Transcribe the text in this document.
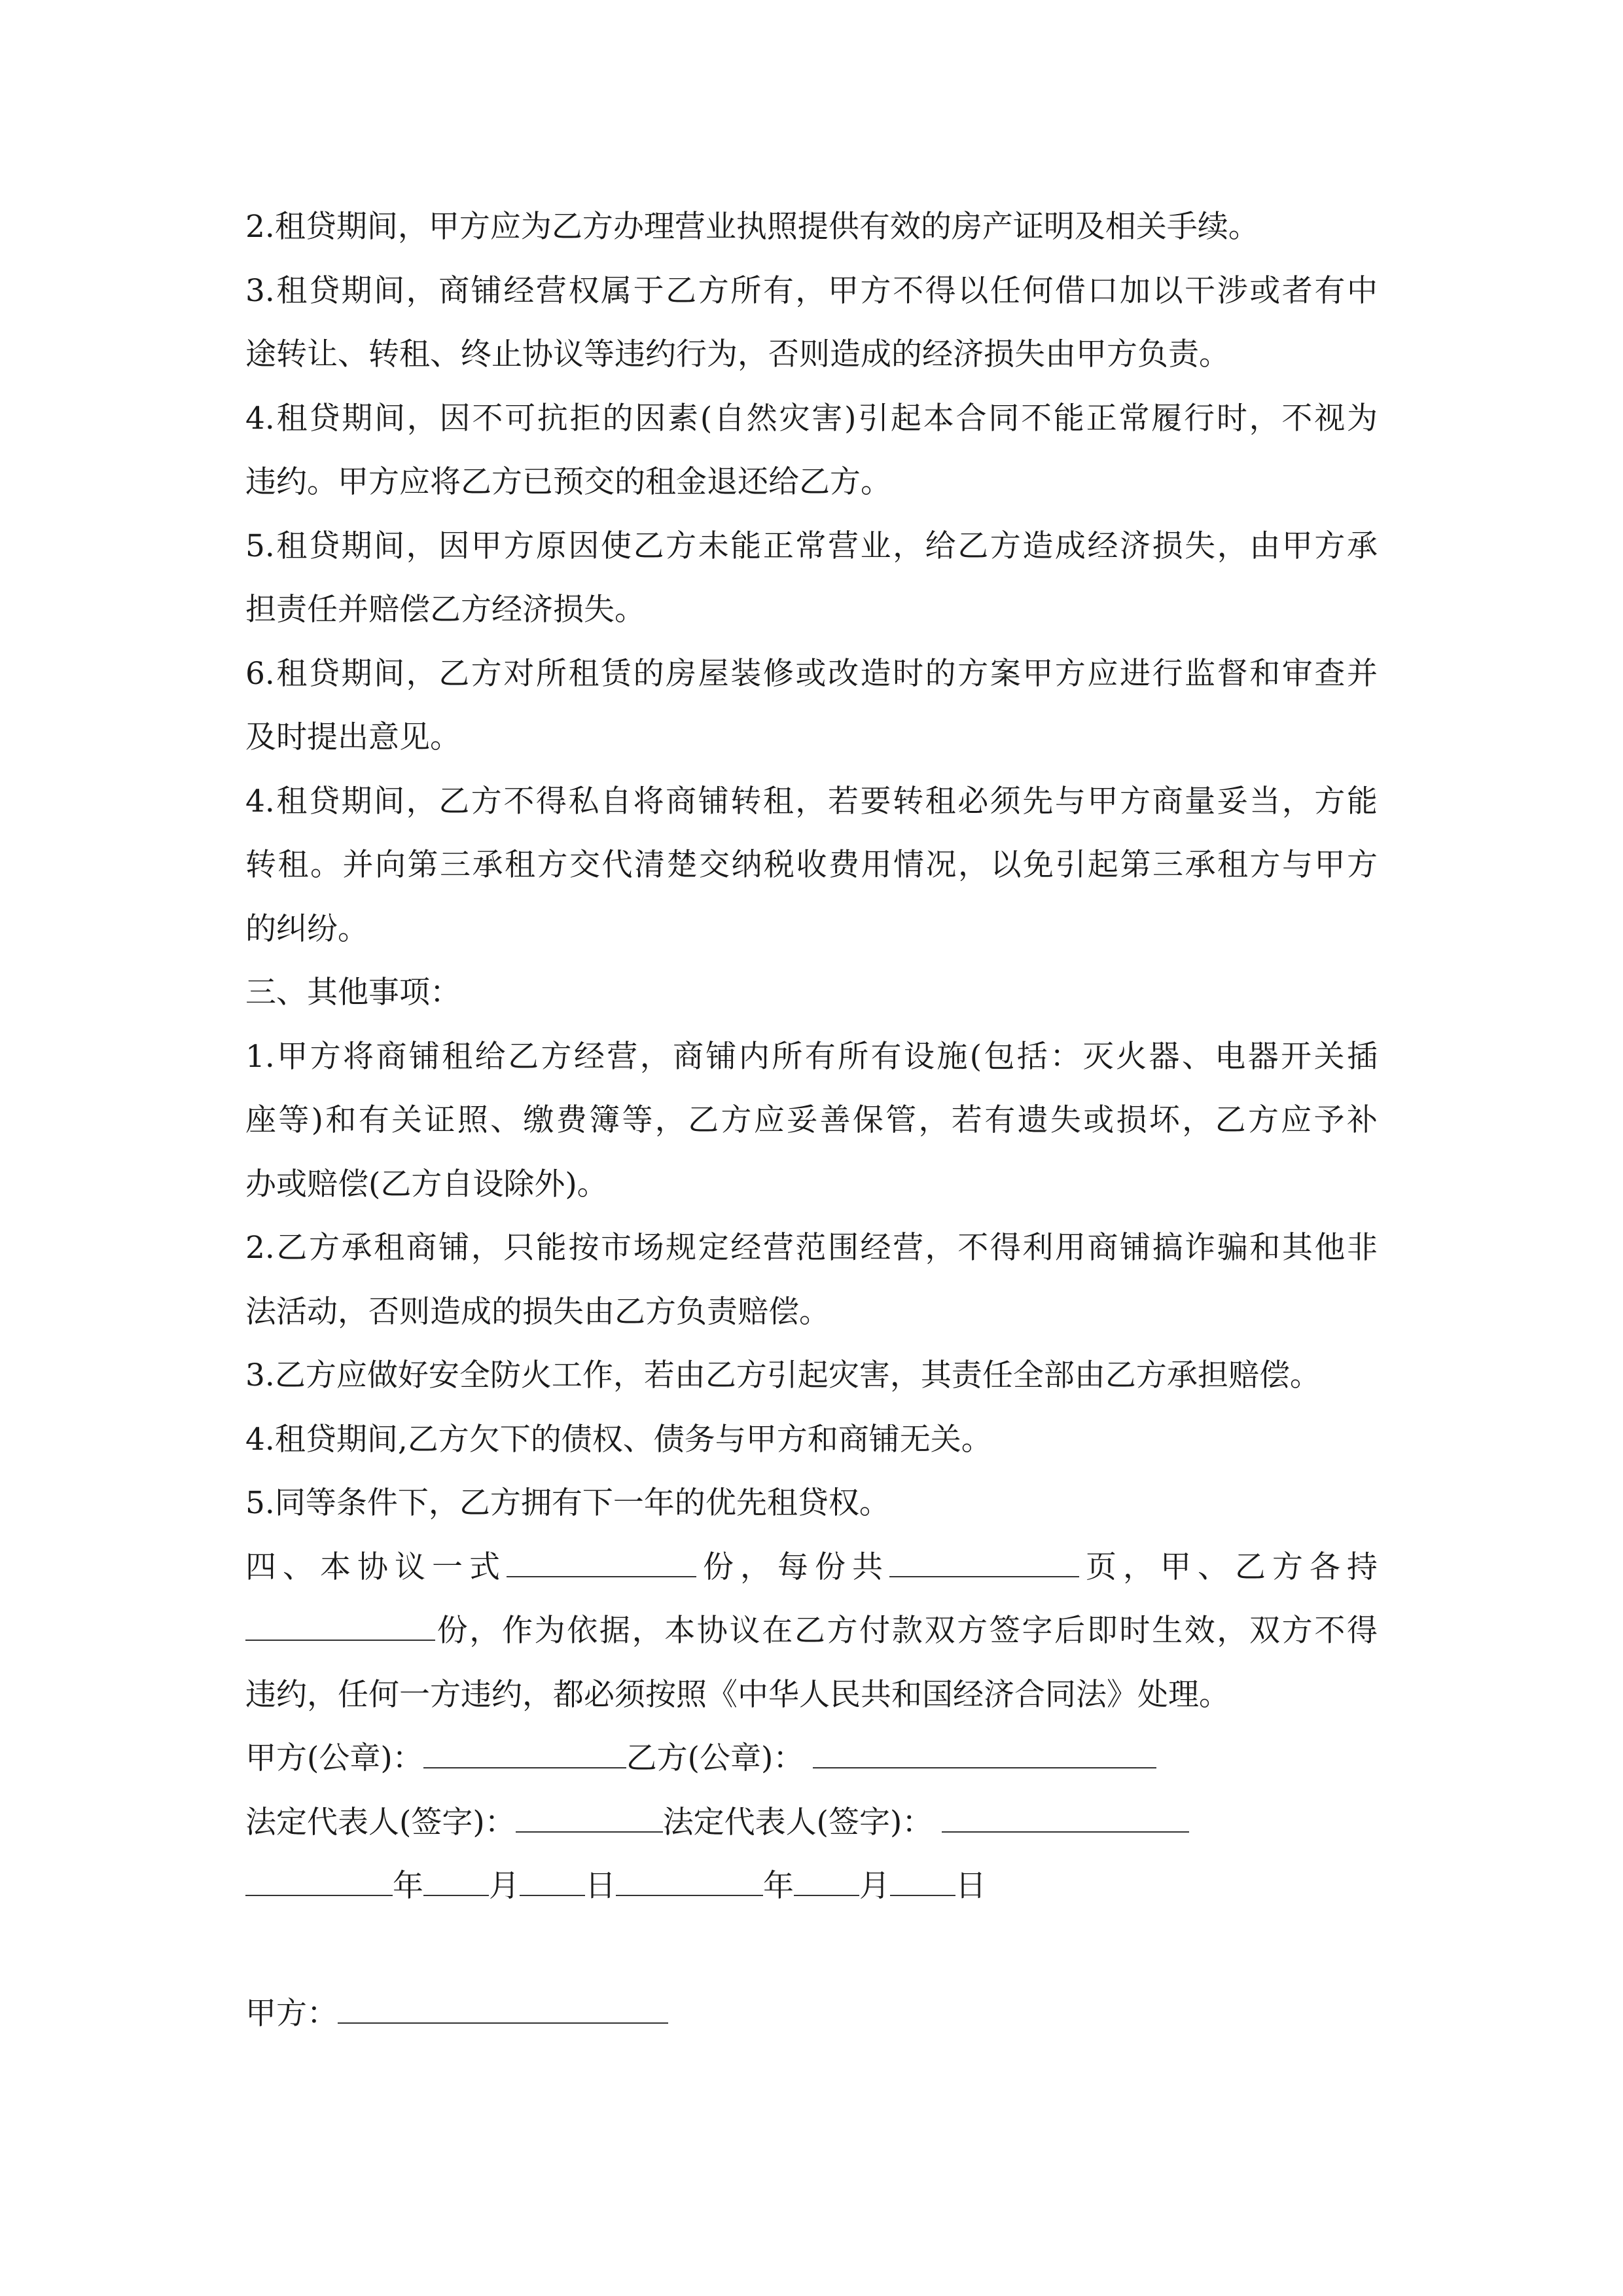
2.租贷期间，甲方应为乙方办理营业执照提供有效的房产证明及相关手续。

3.租贷期间，商铺经营权属于乙方所有，甲方不得以任何借口加以干涉或者有中

途转让、转租、终止协议等违约行为，否则造成的经济损失由甲方负责。

4.租贷期间，因不可抗拒的因素(自然灾害)引起本合同不能正常履行时，不视为

违约。甲方应将乙方已预交的租金退还给乙方。

5.租贷期间，因甲方原因使乙方未能正常营业，给乙方造成经济损失，由甲方承

担责任并赔偿乙方经济损失。

6.租贷期间，乙方对所租赁的房屋装修或改造时的方案甲方应进行监督和审查并

及时提出意见。

4.租贷期间，乙方不得私自将商铺转租，若要转租必须先与甲方商量妥当，方能

转租。并向第三承租方交代清楚交纳税收费用情况，以免引起第三承租方与甲方

的纠纷。

三、其他事项：

1.甲方将商铺租给乙方经营，商铺内所有所有设施(包括：灭火器、电器开关插

座等)和有关证照、缴费簿等，乙方应妥善保管，若有遗失或损坏，乙方应予补

办或赔偿(乙方自设除外)。

2.乙方承租商铺，只能按市场规定经营范围经营，不得利用商铺搞诈骗和其他非

法活动，否则造成的损失由乙方负责赔偿。

3.乙方应做好安全防火工作，若由乙方引起灾害，其责任全部由乙方承担赔偿。

4.租贷期间,乙方欠下的债权、债务与甲方和商铺无关。

5.同等条件下，乙方拥有下一年的优先租贷权。

四、本协议一式	份，每份共	页，甲、乙方各持

份，作为依据，本协议在乙方付款双方签字后即时生效，双方不得

违约，任何一方违约，都必须按照《中华人民共和国经济合同法》处理。

甲方(公章)：	乙方(公章)：

法定代表人(签字)：	法定代表人(签字)：

年 月 日	年 月 日

甲方：
